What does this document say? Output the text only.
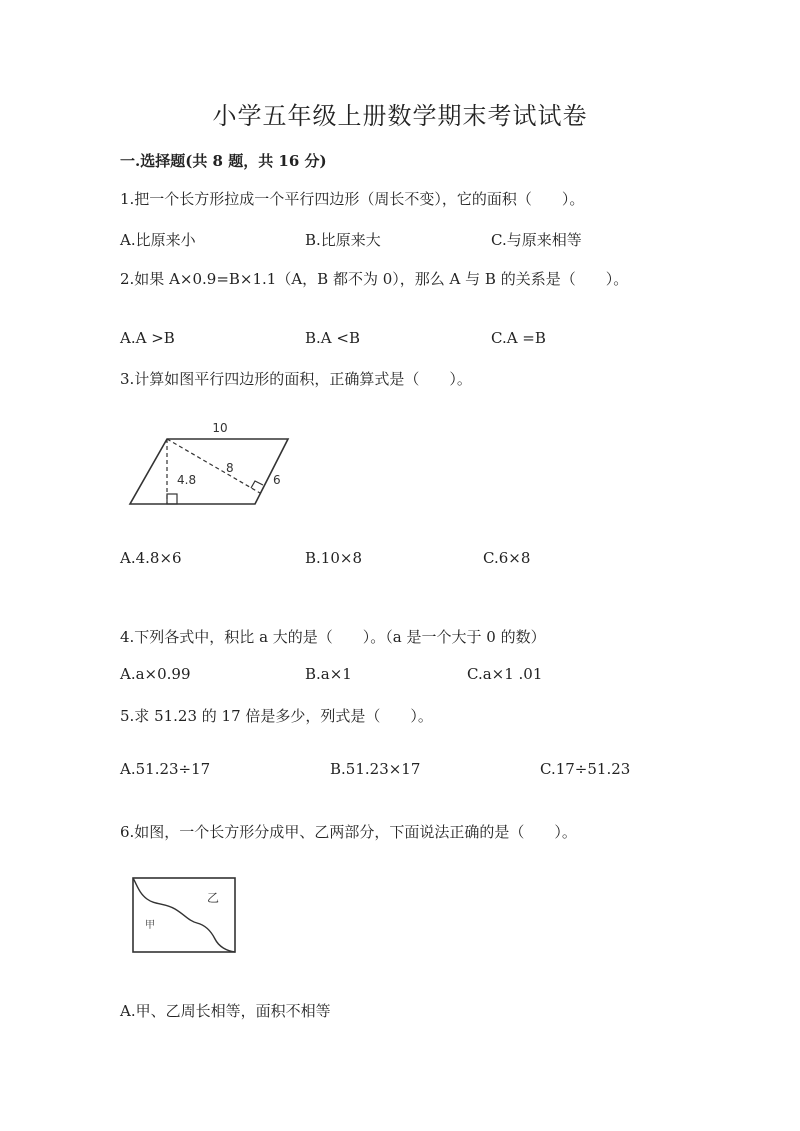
小学五年级上册数学期末考试试卷
一.选择题(共 8 题，共 16 分)
1.把一个长方形拉成一个平行四边形（周长不变），它的面积（　　）。
A.比原来小	B.比原来大	C.与原来相等
2.如果 A×0.9=B×1.1（A，B 都不为 0），那么 A 与 B 的关系是（　　）。
A.A >B	B.A <B	C.A =B
3.计算如图平行四边形的面积，正确算式是（　　）。
10
8
4.8	6
A.4.8×6	B.10×8	C.6×8
4.下列各式中，积比 a 大的是（　　）。（a 是一个大于 0 的数）
A.a×0.99	B.a×1	C.a×1 .01
5.求 51.23 的 17 倍是多少，列式是（　　）。
A.51.23÷17	B.51.23×17	C.17÷51.23
6.如图，一个长方形分成甲、乙两部分，下面说法正确的是（　　）。
甲
乙
A.甲、乙周长相等，面积不相等
